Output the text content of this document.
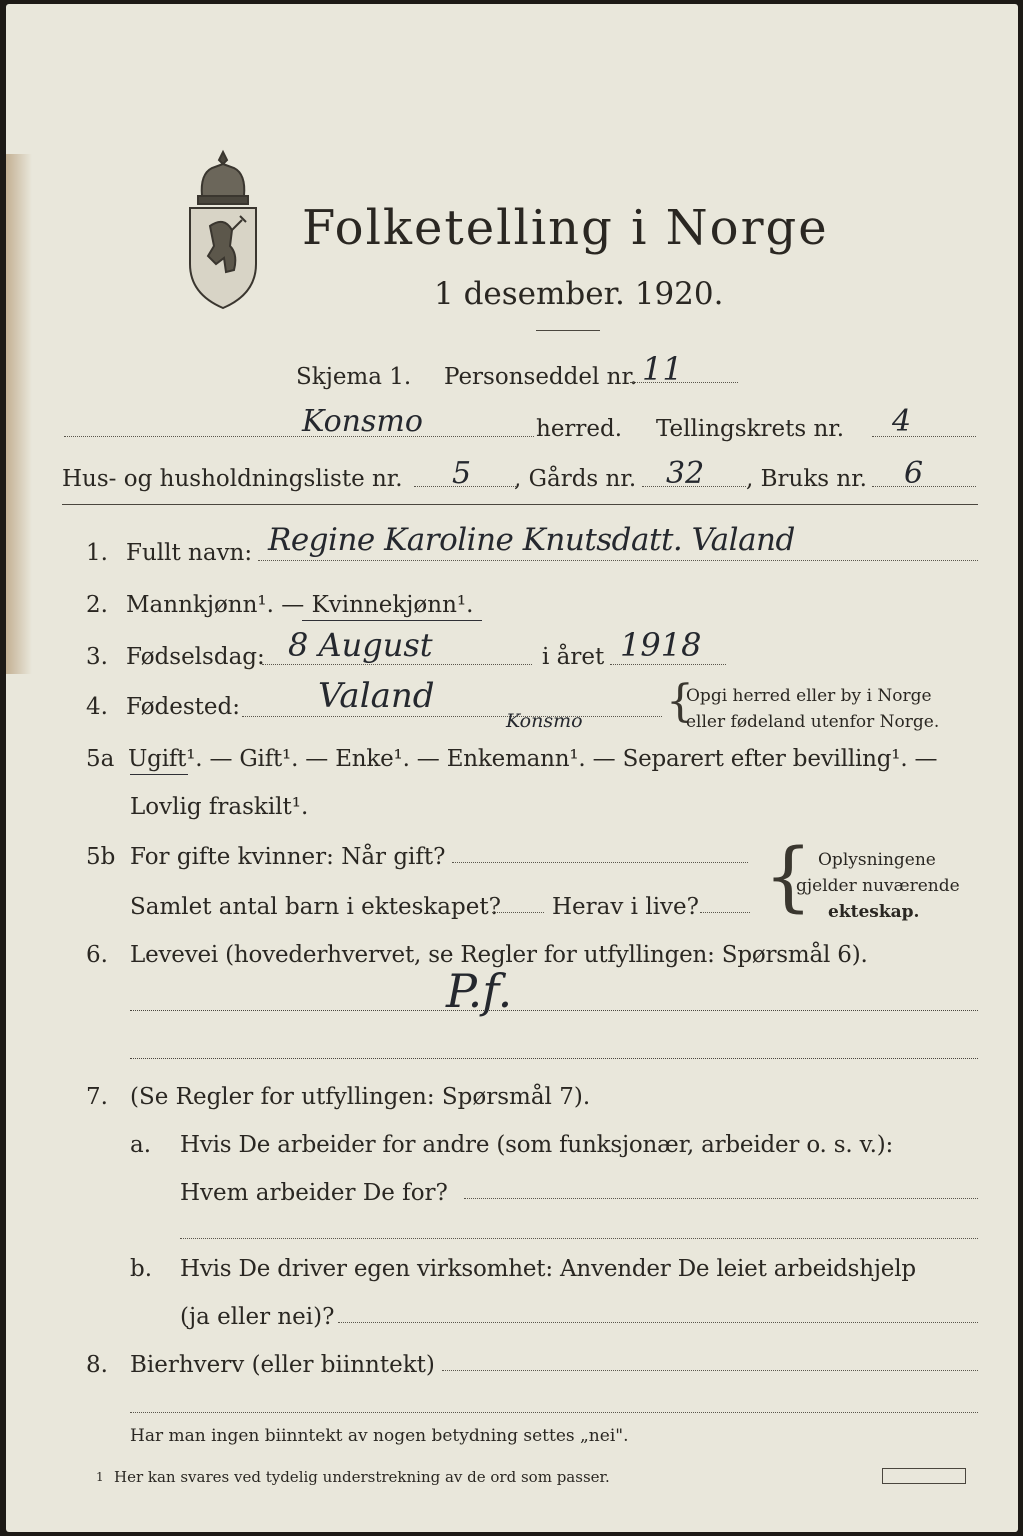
Folketelling i Norge
1 desember. 1920.
Skjema 1. Personseddel nr. 11
Konsmo	herred. Tellingskrets nr. 4
Hus- og husholdningsliste nr. 5 , Gårds nr. 32 , Bruks nr. 6
1. Fullt navn: Regine Karoline Knutsdatt. Valand
2. Mannkjønn¹. — Kvinnekjønn¹.
3. Fødselsdag: 8 August	i året 1918
4. Fødested: Valand
Konsmo {
Opgi herred eller by i Norge
eller fødeland utenfor Norge.
5a Ugift¹. — Gift¹. — Enke¹. — Enkemann¹. — Separert efter bevilling¹. —
Lovlig fraskilt¹.
5b For gifte kvinner: Når gift?
Samlet antal barn i ekteskapet? Herav i live? { Oplysningene
gjelder nuværende
ekteskap.
6. Levevei (hovederhvervet, se Regler for utfyllingen: Spørsmål 6).
P.f.
7. (Se Regler for utfyllingen: Spørsmål 7).
a. Hvis De arbeider for andre (som funksjonær, arbeider o. s. v.):
Hvem arbeider De for?
b. Hvis De driver egen virksomhet: Anvender De leiet arbeidshjelp
(ja eller nei)?
8. Bierhverv (eller biinntekt)
Har man ingen biinntekt av nogen betydning settes „nei".
1 Her kan svares ved tydelig understrekning av de ord som passer.
